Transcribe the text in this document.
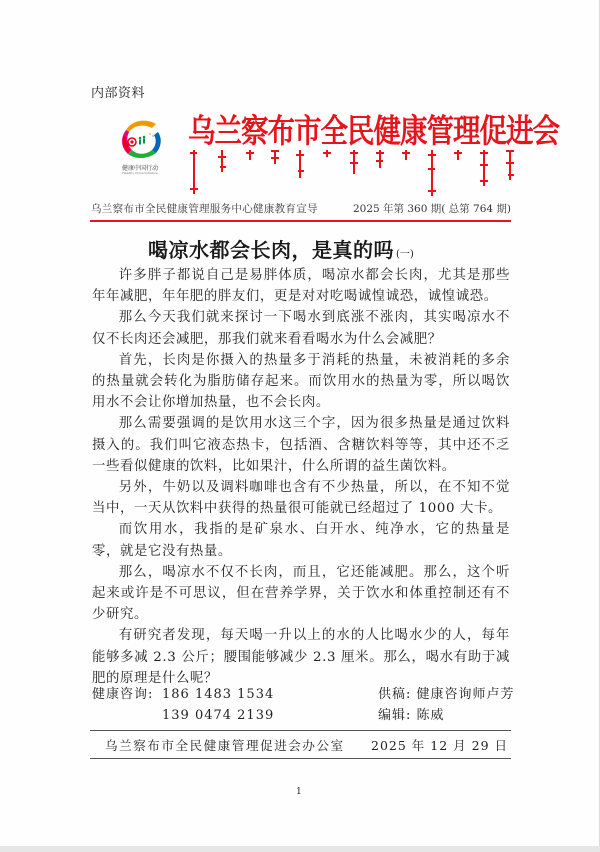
内部资料
健康中国行动
Healthy China Initiative
乌兰察布市全民健康管理促进会
乌兰察布市全民健康管理服务中心健康教育宣导	2025 年第 360 期( 总第 764 期)
喝凉水都会长肉，是真的吗 (一)

许多胖子都说自己是易胖体质，喝凉水都会长肉，尤其是那些年年减肥，年年肥的胖友们，更是对对吃喝诚惶诚恐，诚惶诚恐。

那么今天我们就来探讨一下喝水到底涨不涨肉，其实喝凉水不仅不长肉还会减肥，那我们就来看看喝水为什么会减肥？

首先，长肉是你摄入的热量多于消耗的热量，未被消耗的多余的热量就会转化为脂肪储存起来。而饮用水的热量为零，所以喝饮用水不会让你增加热量，也不会长肉。

那么需要强调的是饮用水这三个字，因为很多热量是通过饮料摄入的。我们叫它液态热卡，包括酒、含糖饮料等等，其中还不乏一些看似健康的饮料，比如果汁，什么所谓的益生菌饮料。

另外，牛奶以及调料咖啡也含有不少热量，所以，在不知不觉当中，一天从饮料中获得的热量很可能就已经超过了 1000 大卡。

而饮用水，我指的是矿泉水、白开水、纯净水，它的热量是零，就是它没有热量。

那么，喝凉水不仅不长肉，而且，它还能减肥。那么，这个听起来或许是不可思议，但在营养学界，关于饮水和体重控制还有不少研究。

有研究者发现，每天喝一升以上的水的人比喝水少的人，每年能够多减 2.3 公斤；腰围能够减少 2.3 厘米。那么，喝水有助于减肥的原理是什么呢？

健康咨询: 186 1483 1534
139 0474 2139
供稿: 健康咨询师卢芳
编辑: 陈威
乌兰察布市全民健康管理促进会办公室 2025 年 12 月 29 日
1
